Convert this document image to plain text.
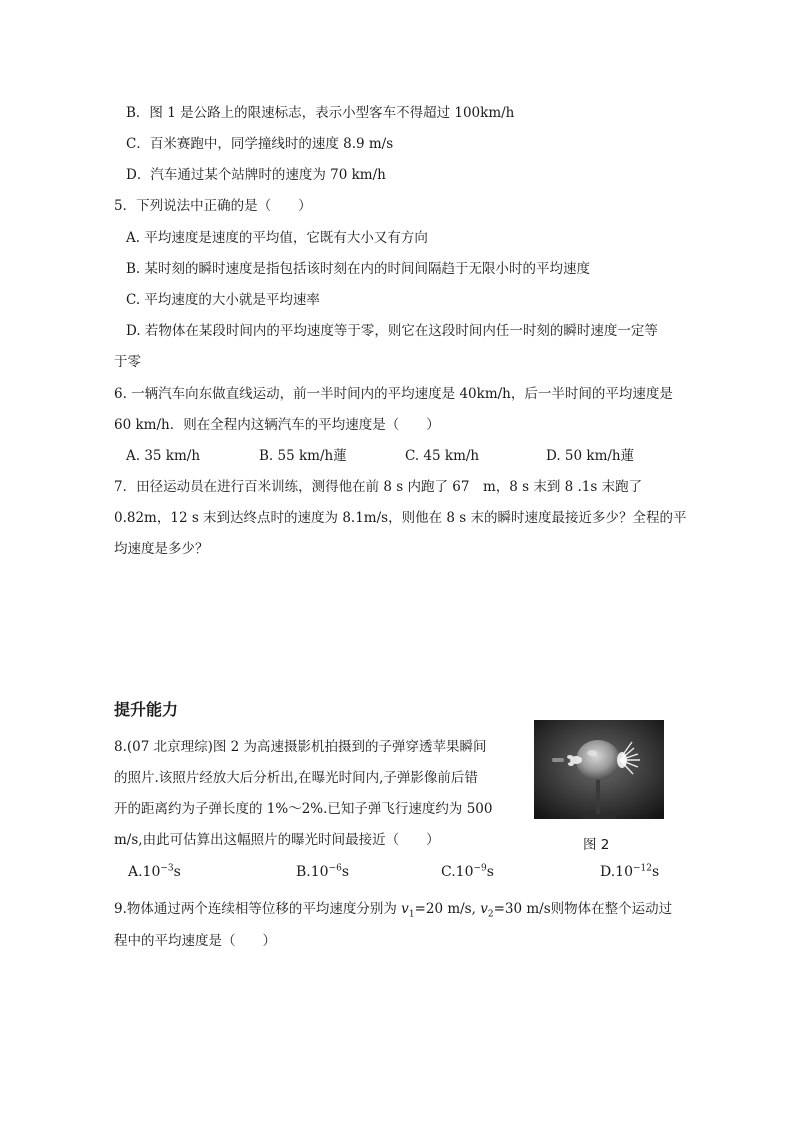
B．图 1 是公路上的限速标志，表示小型客车不得超过 100km/h
C．百米赛跑中，同学撞线时的速度 8.9 m/s
D．汽车通过某个站牌时的速度为 70 km/h
5．下列说法中正确的是（　　）
A. 平均速度是速度的平均值，它既有大小又有方向
B. 某时刻的瞬时速度是指包括该时刻在内的时间间隔趋于无限小时的平均速度
C. 平均速度的大小就是平均速率
D. 若物体在某段时间内的平均速度等于零，则它在这段时间内任一时刻的瞬时速度一定等
于零
6. 一辆汽车向东做直线运动，前一半时间内的平均速度是 40km/h，后一半时间的平均速度是
60 km/h．则在全程内这辆汽车的平均速度是（　　）
A. 35 km/h	B. 55 km/h蓮	C. 45 km/h	D. 50 km/h蓮
7．田径运动员在进行百米训练，测得他在前 8 s 内跑了 67　m，8 s 末到 8 .1s 末跑了
0.82m，12 s 末到达终点时的速度为 8.1m/s，则他在 8 s 末的瞬时速度最接近多少？全程的平
均速度是多少？
提升能力
8.(07 北京理综)图 2 为高速摄影机拍摄到的子弹穿透苹果瞬间
的照片.该照片经放大后分析出,在曝光时间内,子弹影像前后错
开的距离约为子弹长度的 1%～2%.已知子弹飞行速度约为 500
m/s,由此可估算出这幅照片的曝光时间最接近（　　）	图 2
$A.10^{-3}s$	$B.10^{-6}s$	$C.10^{-9}s$	$D.10^{-12}s$
9.物体通过两个连续相等位移的平均速度分别为 $v_1=20$ m/s, $v_2=30$ m/s则物体在整个运动过
程中的平均速度是（　　）
